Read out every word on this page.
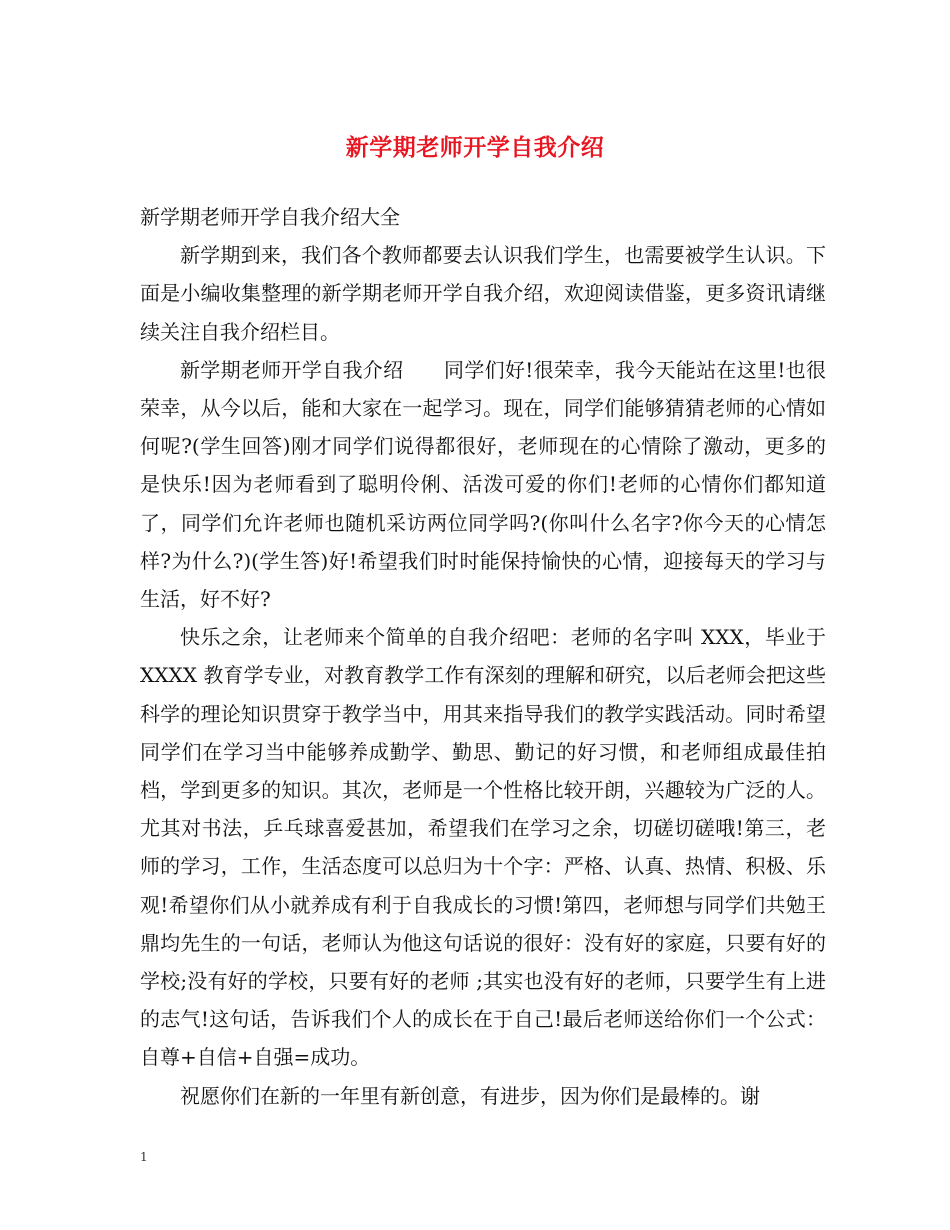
新学期老师开学自我介绍

新学期老师开学自我介绍大全

新学期到来，我们各个教师都要去认识我们学生，也需要被学生认识。下面是小编收集整理的新学期老师开学自我介绍，欢迎阅读借鉴，更多资讯请继续关注自我介绍栏目。

新学期老师开学自我介绍　　同学们好!很荣幸，我今天能站在这里!也很荣幸，从今以后，能和大家在一起学习。现在，同学们能够猜猜老师的心情如何呢?(学生回答)刚才同学们说得都很好，老师现在的心情除了激动，更多的是快乐!因为老师看到了聪明伶俐、活泼可爱的你们!老师的心情你们都知道了，同学们允许老师也随机采访两位同学吗?(你叫什么名字?你今天的心情怎样?为什么?)(学生答)好!希望我们时时能保持愉快的心情，迎接每天的学习与生活，好不好?

快乐之余，让老师来个简单的自我介绍吧：老师的名字叫 XXX，毕业于 XXXX 教育学专业，对教育教学工作有深刻的理解和研究，以后老师会把这些科学的理论知识贯穿于教学当中，用其来指导我们的教学实践活动。同时希望同学们在学习当中能够养成勤学、勤思、勤记的好习惯，和老师组成最佳拍档，学到更多的知识。其次，老师是一个性格比较开朗，兴趣较为广泛的人。尤其对书法，乒乓球喜爱甚加，希望我们在学习之余，切磋切磋哦!第三，老师的学习，工作，生活态度可以总归为十个字：严格、认真、热情、积极、乐观!希望你们从小就养成有利于自我成长的习惯!第四，老师想与同学们共勉王鼎均先生的一句话，老师认为他这句话说的很好：没有好的家庭，只要有好的学校;没有好的学校，只要有好的老师 ;其实也没有好的老师，只要学生有上进的志气!这句话，告诉我们个人的成长在于自己!最后老师送给你们一个公式：自尊+自信+自强=成功。

祝愿你们在新的一年里有新创意，有进步，因为你们是最棒的。谢

1
